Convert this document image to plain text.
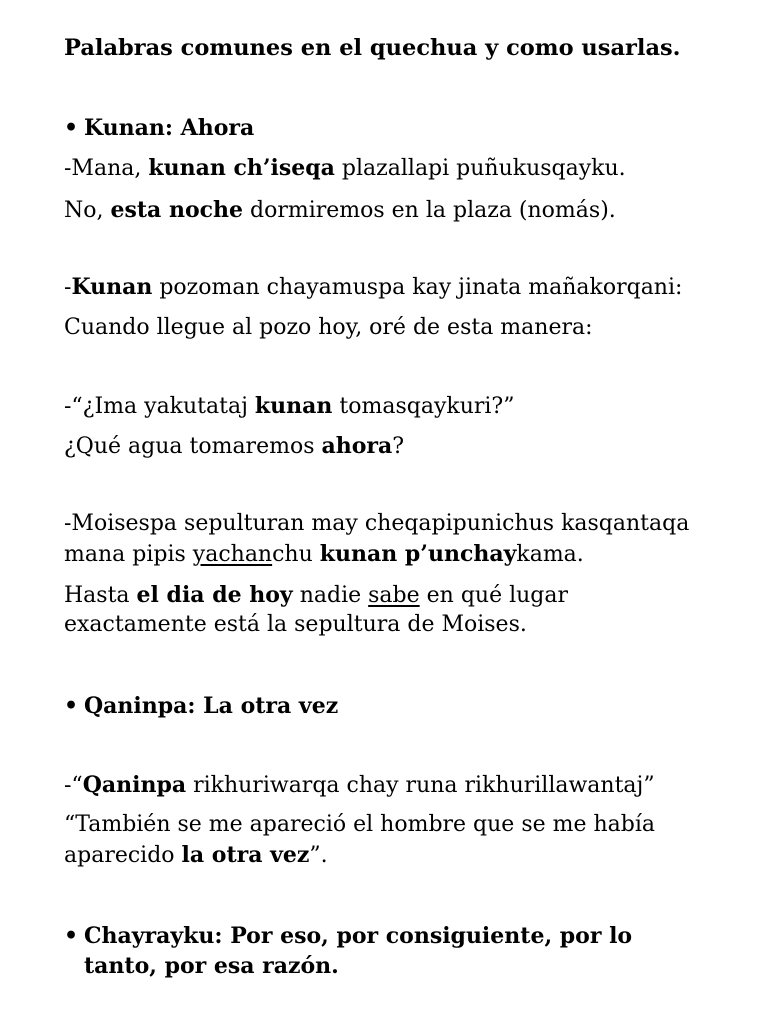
Palabras comunes en el quechua y como usarlas.
• Kunan: Ahora
-Mana, kunan ch’iseqa plazallapi puñukusqayku.
No, esta noche dormiremos en la plaza (nomás).
-Kunan pozoman chayamuspa kay jinata mañakorqani:
Cuando llegue al pozo hoy, oré de esta manera:
-“¿Ima yakutataj kunan tomasqaykuri?”
¿Qué agua tomaremos ahora?
-Moisespa sepulturan may cheqapipunichus kasqantaqa
mana pipis yachanchu kunan p’unchaykama.
Hasta el dia de hoy nadie sabe en qué lugar
exactamente está la sepultura de Moises.
• Qaninpa: La otra vez
-“Qaninpa rikhuriwarqa chay runa rikhurillawantaj”
“También se me apareció el hombre que se me había
aparecido la otra vez”.
• Chayrayku: Por eso, por consiguiente, por lo
tanto, por esa razón.
